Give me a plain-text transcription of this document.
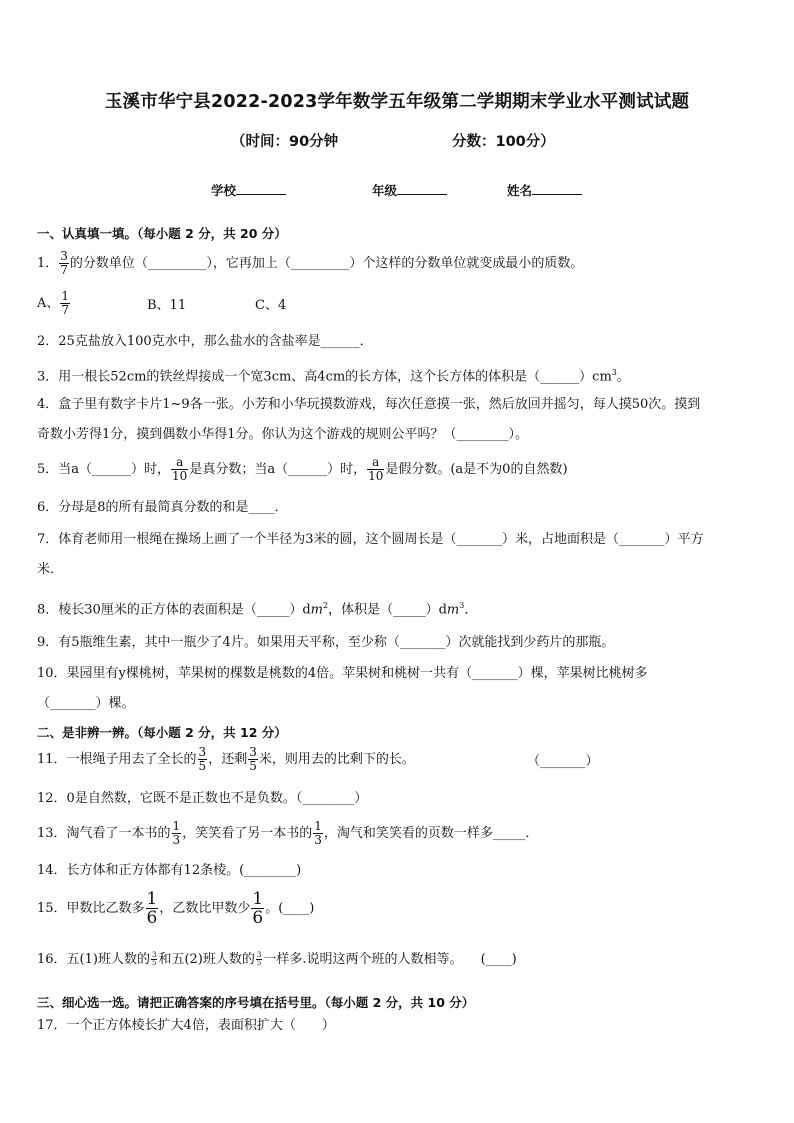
玉溪市华宁县2022-2023学年数学五年级第二学期期末学业水平测试试题
（时间：90分钟	分数：100分）
学校	年级	姓名
一、认真填一填。（每小题 2 分，共 20 分）
1． $\frac{3}{7}$ 的分数单位（_________），它再加上（_________）个这样的分数单位就变成最小的质数。
A、 $\frac{1}{7}$	B、11	C、4
2．25克盐放入100克水中，那么盐水的含盐率是______．
3．用一根长52cm的铁丝焊接成一个宽3cm、高4cm的长方体，这个长方体的体积是$(\_\_\_\_\_\_)cm^3$。
4．盒子里有数字卡片1~9各一张。小芳和小华玩摸数游戏，每次任意摸一张，然后放回并摇匀，每人摸50次。摸到
奇数小芳得1分，摸到偶数小华得1分。你认为这个游戏的规则公平吗？（________）。
5．当a（______）时， $\frac{a}{10}$ 是真分数；当a（______）时， $\frac{a}{10}$ 是假分数。(a是不为0的自然数)
6．分母是8的所有最简真分数的和是____．
7．体育老师用一根绳在操场上画了一个半径为3米的圆，这个圆周长是（_______）米，占地面积是（_______）平方
米．
8．棱长30厘米的正方体的表面积是$(\_\_\_\_\_)dm^2$，体积是$(\_\_\_\_\_)dm^3$．
9．有5瓶维生素，其中一瓶少了4片。如果用天平称，至少称（_______）次就能找到少药片的那瓶。
10．果园里有y棵桃树，苹果树的棵数是桃数的4倍。苹果树和桃树一共有（_______）棵，苹果树比桃树多
（_______）棵。
二、是非辨一辨。（每小题 2 分，共 12 分）
11．一根绳子用去了全长的 $\frac{3}{5}$ ，还剩 $\frac{3}{5}$ 米，则用去的比剩下的长。	（_______）
12．0是自然数，它既不是正数也不是负数。（________）
13．淘气看了一本书的 $\frac{1}{3}$ ，笑笑看了另一本书的 $\frac{1}{3}$ ，淘气和笑笑看的页数一样多_____．
14．长方体和正方体都有12条棱。(________)
15．甲数比乙数多 $\frac{1}{6}$ ，乙数比甲数少 $\frac{1}{6}$ 。(____)
16．五(1)班人数的 $\frac{3}{5}$ 和五(2)班人数的 $\frac{3}{5}$ 一样多.说明这两个班的人数相等。 (____)
三、细心选一选。请把正确答案的序号填在括号里。（每小题 2 分，共 10 分）
17．一个正方体棱长扩大4倍，表面积扩大（　　）
